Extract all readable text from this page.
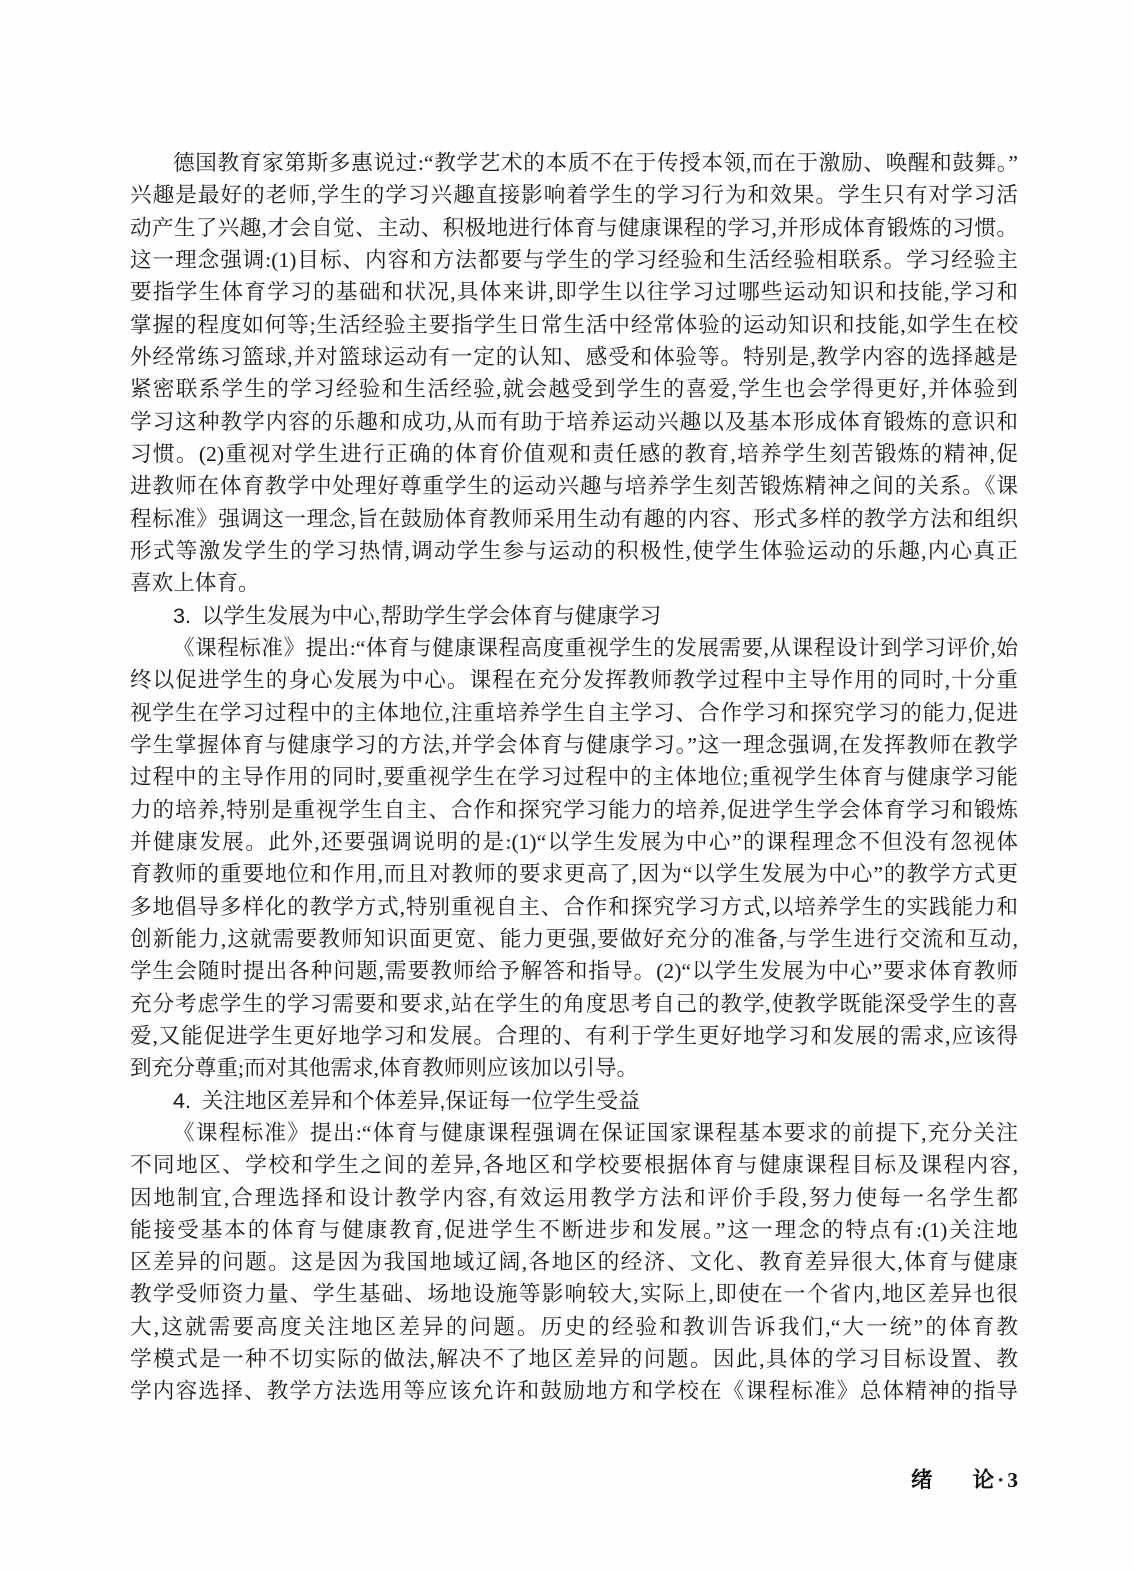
德国教育家第斯多惠说过:“教学艺术的本质不在于传授本领,而在于激励、唤醒和鼓舞。”
兴趣是最好的老师,学生的学习兴趣直接影响着学生的学习行为和效果。学生只有对学习活
动产生了兴趣,才会自觉、主动、积极地进行体育与健康课程的学习,并形成体育锻炼的习惯。
这一理念强调:(1)目标、内容和方法都要与学生的学习经验和生活经验相联系。学习经验主
要指学生体育学习的基础和状况,具体来讲,即学生以往学习过哪些运动知识和技能,学习和
掌握的程度如何等;生活经验主要指学生日常生活中经常体验的运动知识和技能,如学生在校
外经常练习篮球,并对篮球运动有一定的认知、感受和体验等。特别是,教学内容的选择越是
紧密联系学生的学习经验和生活经验,就会越受到学生的喜爱,学生也会学得更好,并体验到
学习这种教学内容的乐趣和成功,从而有助于培养运动兴趣以及基本形成体育锻炼的意识和
习惯。(2)重视对学生进行正确的体育价值观和责任感的教育,培养学生刻苦锻炼的精神,促
进教师在体育教学中处理好尊重学生的运动兴趣与培养学生刻苦锻炼精神之间的关系。《课
程标准》强调这一理念,旨在鼓励体育教师采用生动有趣的内容、形式多样的教学方法和组织
形式等激发学生的学习热情,调动学生参与运动的积极性,使学生体验运动的乐趣,内心真正
喜欢上体育。
3. 以学生发展为中心,帮助学生学会体育与健康学习
《课程标准》提出:“体育与健康课程高度重视学生的发展需要,从课程设计到学习评价,始
终以促进学生的身心发展为中心。课程在充分发挥教师教学过程中主导作用的同时,十分重
视学生在学习过程中的主体地位,注重培养学生自主学习、合作学习和探究学习的能力,促进
学生掌握体育与健康学习的方法,并学会体育与健康学习。”这一理念强调,在发挥教师在教学
过程中的主导作用的同时,要重视学生在学习过程中的主体地位;重视学生体育与健康学习能
力的培养,特别是重视学生自主、合作和探究学习能力的培养,促进学生学会体育学习和锻炼
并健康发展。此外,还要强调说明的是:(1)“以学生发展为中心”的课程理念不但没有忽视体
育教师的重要地位和作用,而且对教师的要求更高了,因为“以学生发展为中心”的教学方式更
多地倡导多样化的教学方式,特别重视自主、合作和探究学习方式,以培养学生的实践能力和
创新能力,这就需要教师知识面更宽、能力更强,要做好充分的准备,与学生进行交流和互动,
学生会随时提出各种问题,需要教师给予解答和指导。(2)“以学生发展为中心”要求体育教师
充分考虑学生的学习需要和要求,站在学生的角度思考自己的教学,使教学既能深受学生的喜
爱,又能促进学生更好地学习和发展。合理的、有利于学生更好地学习和发展的需求,应该得
到充分尊重;而对其他需求,体育教师则应该加以引导。
4. 关注地区差异和个体差异,保证每一位学生受益
《课程标准》提出:“体育与健康课程强调在保证国家课程基本要求的前提下,充分关注
不同地区、学校和学生之间的差异,各地区和学校要根据体育与健康课程目标及课程内容,
因地制宜,合理选择和设计教学内容,有效运用教学方法和评价手段,努力使每一名学生都
能接受基本的体育与健康教育,促进学生不断进步和发展。”这一理念的特点有:(1)关注地
区差异的问题。这是因为我国地域辽阔,各地区的经济、文化、教育差异很大,体育与健康
教学受师资力量、学生基础、场地设施等影响较大,实际上,即使在一个省内,地区差异也很
大,这就需要高度关注地区差异的问题。历史的经验和教训告诉我们,“大一统”的体育教
学模式是一种不切实际的做法,解决不了地区差异的问题。因此,具体的学习目标设置、教
学内容选择、教学方法选用等应该允许和鼓励地方和学校在《课程标准》总体精神的指导
绪 论 · 3
